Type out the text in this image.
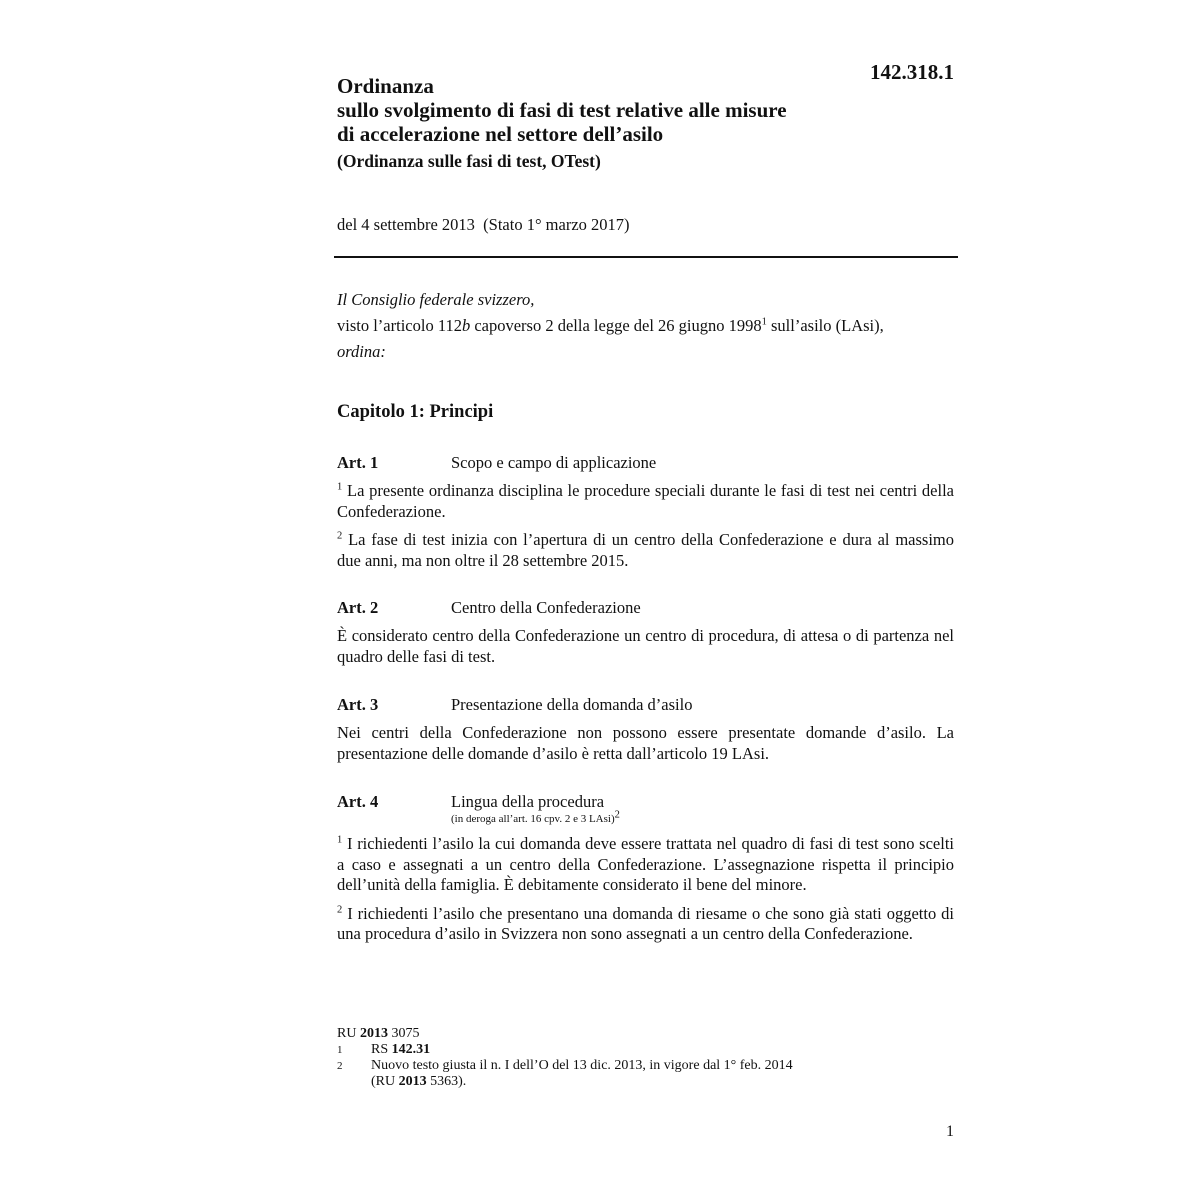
142.318.1
Ordinanza
sullo svolgimento di fasi di test relative alle misure
di accelerazione nel settore dell’asilo
(Ordinanza sulle fasi di test, OTest)
del 4 settembre 2013  (Stato 1° marzo 2017)
Il Consiglio federale svizzero,
visto l’articolo 112b capoverso 2 della legge del 26 giugno 1998$^1$ sull’asilo (LAsi),
ordina:
Capitolo 1: Principi
Art. 1	Scopo e campo di applicazione
$^1$ La presente ordinanza disciplina le procedure speciali durante le fasi di test nei centri della Confederazione.
$^2$ La fase di test inizia con l’apertura di un centro della Confederazione e dura al massimo due anni, ma non oltre il 28 settembre 2015.
Art. 2	Centro della Confederazione
È considerato centro della Confederazione un centro di procedura, di attesa o di partenza nel quadro delle fasi di test.
Art. 3	Presentazione della domanda d’asilo
Nei centri della Confederazione non possono essere presentate domande d’asilo. La presentazione delle domande d’asilo è retta dall’articolo 19 LAsi.
Art. 4	Lingua della procedura
(in deroga all’art. 16 cpv. 2 e 3 LAsi)$^2$
$^1$ I richiedenti l’asilo la cui domanda deve essere trattata nel quadro di fasi di test sono scelti a caso e assegnati a un centro della Confederazione. L’assegnazione rispetta il principio dell’unità della famiglia. È debitamente considerato il bene del minore.
$^2$ I richiedenti l’asilo che presentano una domanda di riesame o che sono già stati oggetto di una procedura d’asilo in Svizzera non sono assegnati a un centro della Confederazione.
RU 2013 3075
1	RS 142.31
2	Nuovo testo giusta il n. I dell’O del 13 dic. 2013, in vigore dal 1° feb. 2014
(RU 2013 5363).
1
